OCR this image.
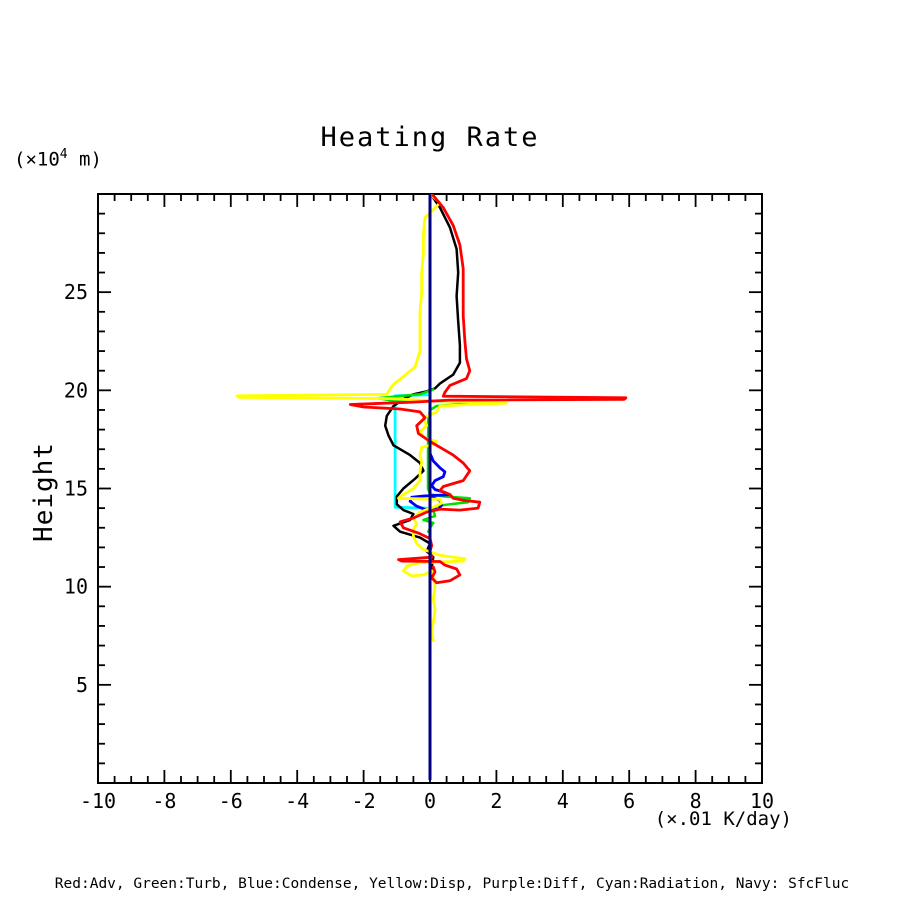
Heating Rate
($\times 10^4$ m)
Height
(×.01 K/day)
Red:Adv, Green:Turb, Blue:Condense, Yellow:Disp, Purple:Diff, Cyan:Radiation, Navy: SfcFluc
-10 -8 -6 -4 -2 0	2	4	6	8 10
5
10
15
20
25
